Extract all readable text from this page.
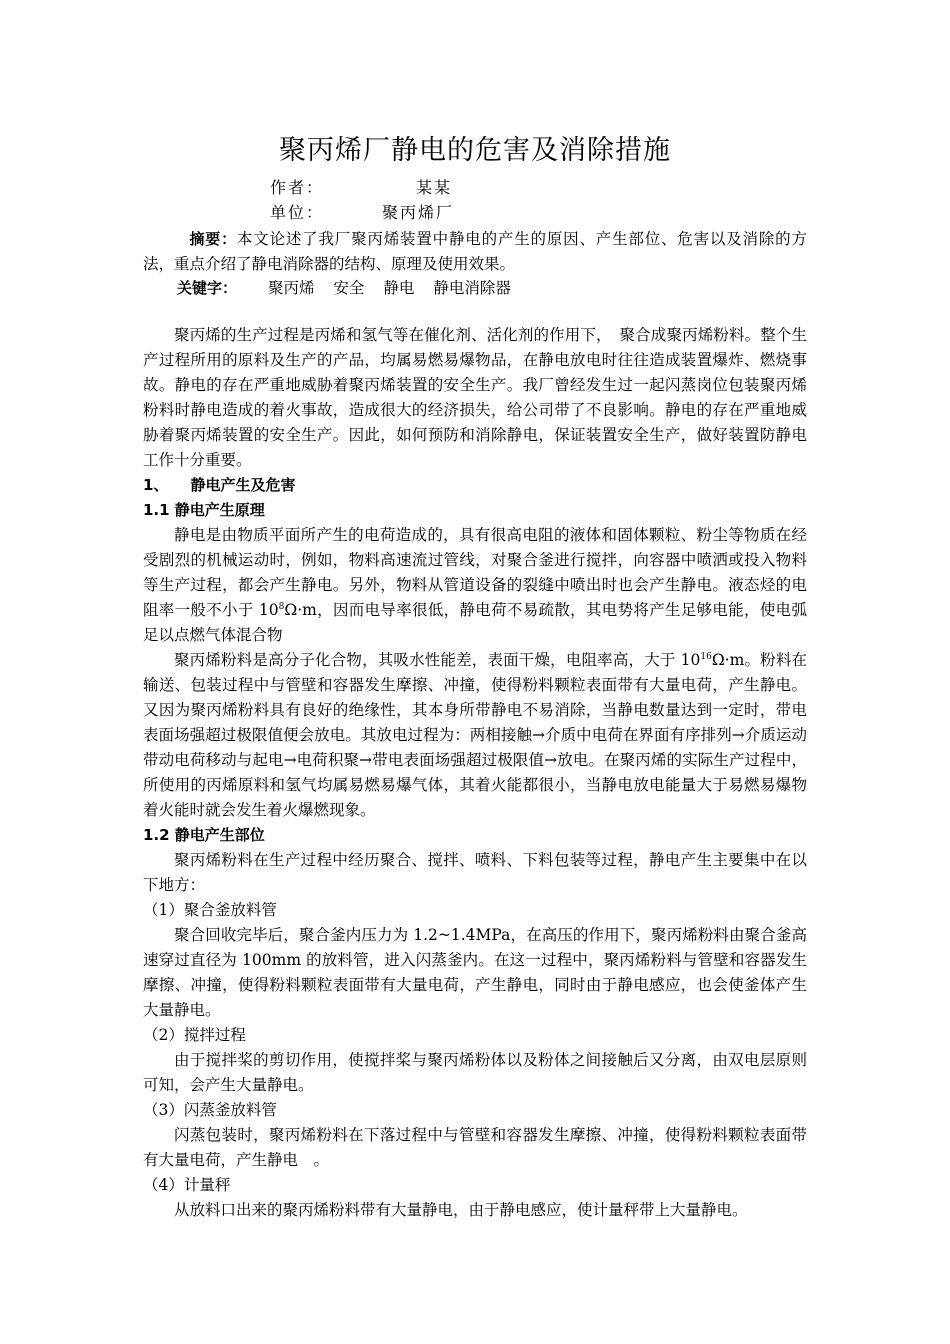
聚丙烯厂静电的危害及消除措施
作者：	某某
单位：	聚丙烯厂

摘要：本文论述了我厂聚丙烯装置中静电的产生的原因、产生部位、危害以及消除的方法，重点介绍了静电消除器的结构、原理及使用效果。

关键字： 聚丙烯 安全 静电 静电消除器

聚丙烯的生产过程是丙烯和氢气等在催化剂、活化剂的作用下，　聚合成聚丙烯粉料。整个生产过程所用的原料及生产的产品，均属易燃易爆物品，在静电放电时往往造成装置爆炸、燃烧事故。静电的存在严重地威胁着聚丙烯装置的安全生产。我厂曾经发生过一起闪蒸岗位包装聚丙烯粉料时静电造成的着火事故，造成很大的经济损失，给公司带了不良影响。静电的存在严重地威胁着聚丙烯装置的安全生产。因此，如何预防和消除静电，保证装置安全生产，做好装置防静电工作十分重要。

1、 静电产生及危害
1.1 静电产生原理

静电是由物质平面所产生的电荷造成的，具有很高电阻的液体和固体颗粒、粉尘等物质在经受剧烈的机械运动时，例如，物料高速流过管线，对聚合釜进行搅拌，向容器中喷洒或投入物料等生产过程，都会产生静电。另外，物料从管道设备的裂缝中喷出时也会产生静电。液态烃的电阻率一般不小于 $10^8\Omega\cdot m$，因而电导率很低，静电荷不易疏散，其电势将产生足够电能，使电弧足以点燃气体混合物

聚丙烯粉料是高分子化合物，其吸水性能差，表面干燥，电阻率高，大于 $10^{16}\Omega\cdot m$。粉料在输送、包装过程中与管壁和容器发生摩擦、冲撞，使得粉料颗粒表面带有大量电荷，产生静电。又因为聚丙烯粉料具有良好的绝缘性，其本身所带静电不易消除，当静电数量达到一定时，带电表面场强超过极限值便会放电。其放电过程为：两相接触→介质中电荷在界面有序排列→介质运动带动电荷移动与起电→电荷积聚→带电表面场强超过极限值→放电。在聚丙烯的实际生产过程中，所使用的丙烯原料和氢气均属易燃易爆气体，其着火能都很小，当静电放电能量大于易燃易爆物着火能时就会发生着火爆燃现象。

1.2 静电产生部位

聚丙烯粉料在生产过程中经历聚合、搅拌、喷料、下料包装等过程，静电产生主要集中在以下地方：

（1）聚合釜放料管

聚合回收完毕后，聚合釜内压力为 1.2~1.4MPa，在高压的作用下，聚丙烯粉料由聚合釜高速穿过直径为 100mm 的放料管，进入闪蒸釜内。在这一过程中，聚丙烯粉料与管壁和容器发生摩擦、冲撞，使得粉料颗粒表面带有大量电荷，产生静电，同时由于静电感应，也会使釜体产生大量静电。

（2）搅拌过程

由于搅拌桨的剪切作用，使搅拌桨与聚丙烯粉体以及粉体之间接触后又分离，由双电层原则可知，会产生大量静电。

（3）闪蒸釜放料管

闪蒸包装时，聚丙烯粉料在下落过程中与管壁和容器发生摩擦、冲撞，使得粉料颗粒表面带有大量电荷，产生静电　。

（4）计量秤

从放料口出来的聚丙烯粉料带有大量静电，由于静电感应，使计量秤带上大量静电。
